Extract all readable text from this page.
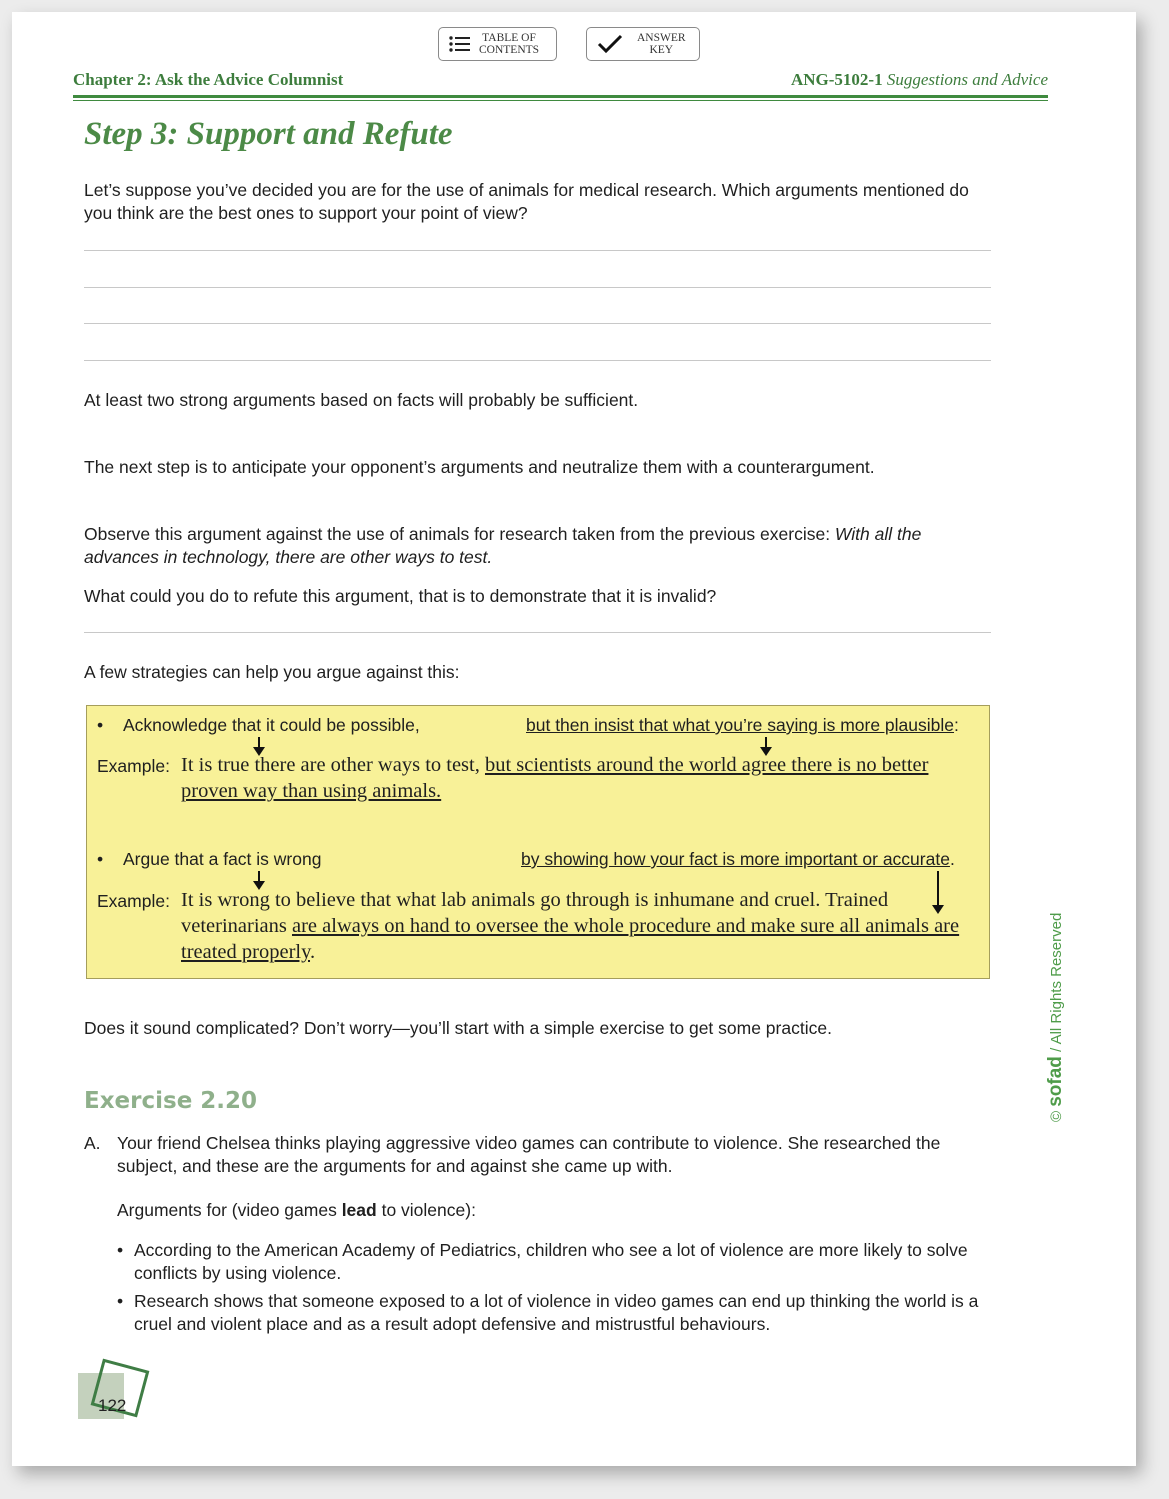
TABLE OF
CONTENTS
ANSWER
KEY
Chapter 2: Ask the Advice Columnist	ANG-5102-1 Suggestions and Advice
Step 3: Support and Refute

Let’s suppose you’ve decided you are for the use of animals for medical research. Which arguments mentioned do you think are the best ones to support your point of view?

At least two strong arguments based on facts will probably be sufficient.

The next step is to anticipate your opponent’s arguments and neutralize them with a counterargument.

Observe this argument against the use of animals for research taken from the previous exercise: With all the advances in technology, there are other ways to test.

What could you do to refute this argument, that is to demonstrate that it is invalid?

A few strategies can help you argue against this:

• Acknowledge that it could be possible,	but then insist that what you’re saying is more plausible:
Example: It is true there are other ways to test, but scientists around the world agree there is no better proven way than using animals.
• Argue that a fact is wrong	by showing how your fact is more important or accurate.
Example: It is wrong to believe that what lab animals go through is inhumane and cruel. Trained veterinarians are always on hand to oversee the whole procedure and make sure all animals are treated properly.

Does it sound complicated? Don’t worry—you’ll start with a simple exercise to get some practice.

Exercise 2.20
A. Your friend Chelsea thinks playing aggressive video games can contribute to violence. She researched the subject, and these are the arguments for and against she came up with.

Arguments for (video games lead to violence):

• According to the American Academy of Pediatrics, children who see a lot of violence are more likely to solve conflicts by using violence.

• Research shows that someone exposed to a lot of violence in video games can end up thinking the world is a cruel and violent place and as a result adopt defensive and mistrustful behaviours.

© sofad / All Rights Reserved
122
